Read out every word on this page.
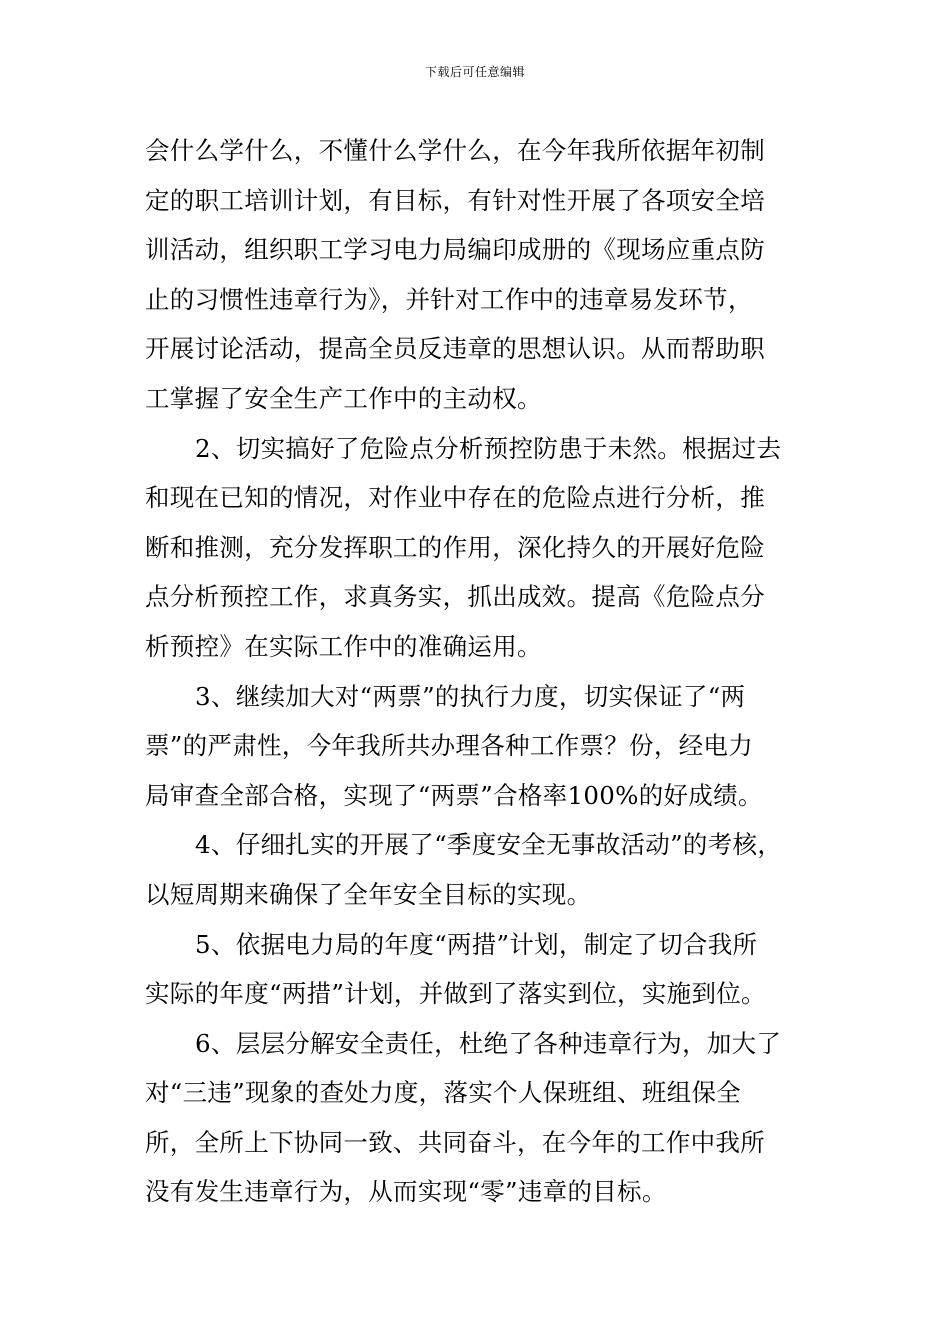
下载后可任意编辑
会什么学什么，不懂什么学什么，在今年我所依据年初制
定的职工培训计划，有目标，有针对性开展了各项安全培
训活动，组织职工学习电力局编印成册的《现场应重点防
止的习惯性违章行为》，并针对工作中的违章易发环节，
开展讨论活动，提高全员反违章的思想认识。从而帮助职
工掌握了安全生产工作中的主动权。
2、切实搞好了危险点分析预控防患于未然。根据过去
和现在已知的情况，对作业中存在的危险点进行分析，推
断和推测，充分发挥职工的作用，深化持久的开展好危险
点分析预控工作，求真务实，抓出成效。提高《危险点分
析预控》在实际工作中的准确运用。
3、继续加大对“两票”的执行力度，切实保证了“两
票”的严肃性，今年我所共办理各种工作票？份，经电力
局审查全部合格，实现了“两票”合格率100%的好成绩。
4、仔细扎实的开展了“季度安全无事故活动”的考核，
以短周期来确保了全年安全目标的实现。
5、依据电力局的年度“两措”计划，制定了切合我所
实际的年度“两措”计划，并做到了落实到位，实施到位。
6、层层分解安全责任，杜绝了各种违章行为，加大了
对“三违”现象的查处力度，落实个人保班组、班组保全
所，全所上下协同一致、共同奋斗，在今年的工作中我所
没有发生违章行为，从而实现“零”违章的目标。
